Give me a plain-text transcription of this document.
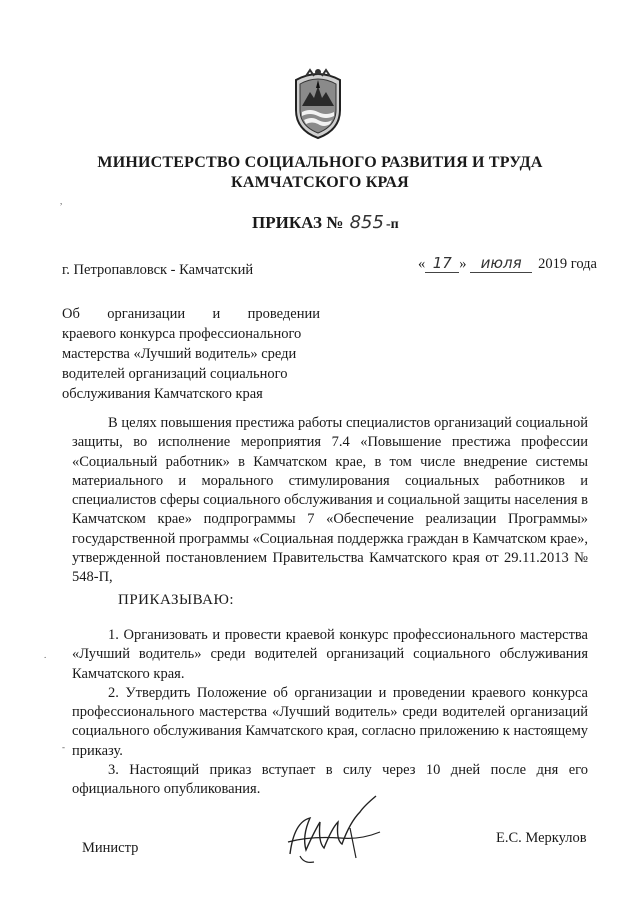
МИНИСТЕРСТВО СОЦИАЛЬНОГО РАЗВИТИЯ И ТРУДА
КАМЧАТСКОГО КРАЯ
ПРИКАЗ № 855 -п
г. Петропавловск - Камчатский	« 17 » июля 2019 года
Об организации и проведении
краевого конкурса профессионального
мастерства «Лучший водитель» среди
водителей организаций социального
обслуживания Камчатского края
В целях повышения престижа работы специалистов организаций социальной защиты, во исполнение мероприятия 7.4 «Повышение престижа профессии «Социальный работник» в Камчатском крае, в том числе внедрение системы материального и морального стимулирования социальных работников и специалистов сферы социального обслуживания и социальной защиты населения в Камчатском крае» подпрограммы 7 «Обеспечение реализации Программы» государственной программы «Социальная поддержка граждан в Камчатском крае», утвержденной постановлением Правительства Камчатского края от 29.11.2013 № 548-П,
ПРИКАЗЫВАЮ:

1. Организовать и провести краевой конкурс профессионального мастерства «Лучший водитель» среди водителей организаций социального обслуживания Камчатского края.

2. Утвердить Положение об организации и проведении краевого конкурса профессионального мастерства «Лучший водитель» среди водителей организаций социального обслуживания Камчатского края, согласно приложению к настоящему приказу.

3. Настоящий приказ вступает в силу через 10 дней после дня его официального опубликования.

Министр
Е.С. Меркулов
,
.
-
